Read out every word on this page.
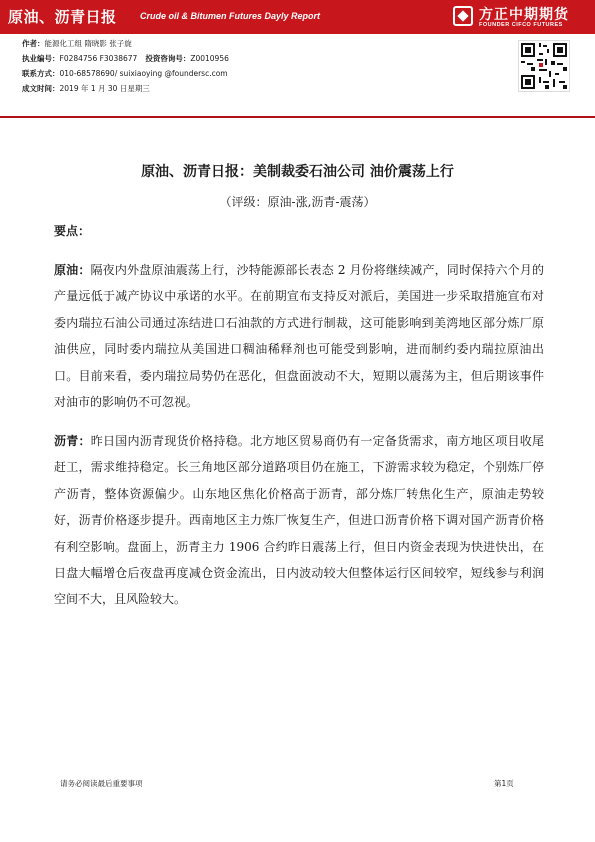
原油、沥青日报	Crude oil & Bitumen Futures Dayly Report	方正中期期货
FOUNDER CIFCO FUTURES
作者：能源化工组 隋晓影 张子旋
执业编号：F0284756 F3038677 投资咨询号：Z0010956
联系方式：010-68578690/ suixiaoying @foundersc.com
成文时间：2019 年 1 月 30 日星期三
原油、沥青日报：美制裁委石油公司 油价震荡上行
（评级：原油-涨,沥青-震荡）
要点：

原油：隔夜内外盘原油震荡上行，沙特能源部长表态 2 月份将继续减产，同时保持六个月的产量远低于减产协议中承诺的水平。在前期宣布支持反对派后，美国进一步采取措施宣布对委内瑞拉石油公司通过冻结进口石油款的方式进行制裁，这可能影响到美湾地区部分炼厂原油供应，同时委内瑞拉从美国进口稠油稀释剂也可能受到影响，进而制约委内瑞拉原油出口。目前来看，委内瑞拉局势仍在恶化，但盘面波动不大，短期以震荡为主，但后期该事件对油市的影响仍不可忽视。

沥青：昨日国内沥青现货价格持稳。北方地区贸易商仍有一定备货需求，南方地区项目收尾赶工，需求维持稳定。长三角地区部分道路项目仍在施工，下游需求较为稳定，个别炼厂停产沥青，整体资源偏少。山东地区焦化价格高于沥青，部分炼厂转焦化生产，原油走势较好，沥青价格逐步提升。西南地区主力炼厂恢复生产，但进口沥青价格下调对国产沥青价格有利空影响。盘面上，沥青主力 1906 合约昨日震荡上行，但日内资金表现为快进快出，在日盘大幅增仓后夜盘再度减仓资金流出，日内波动较大但整体运行区间较窄，短线参与利润空间不大，且风险较大。

请务必阅读最后重要事项	第1页
